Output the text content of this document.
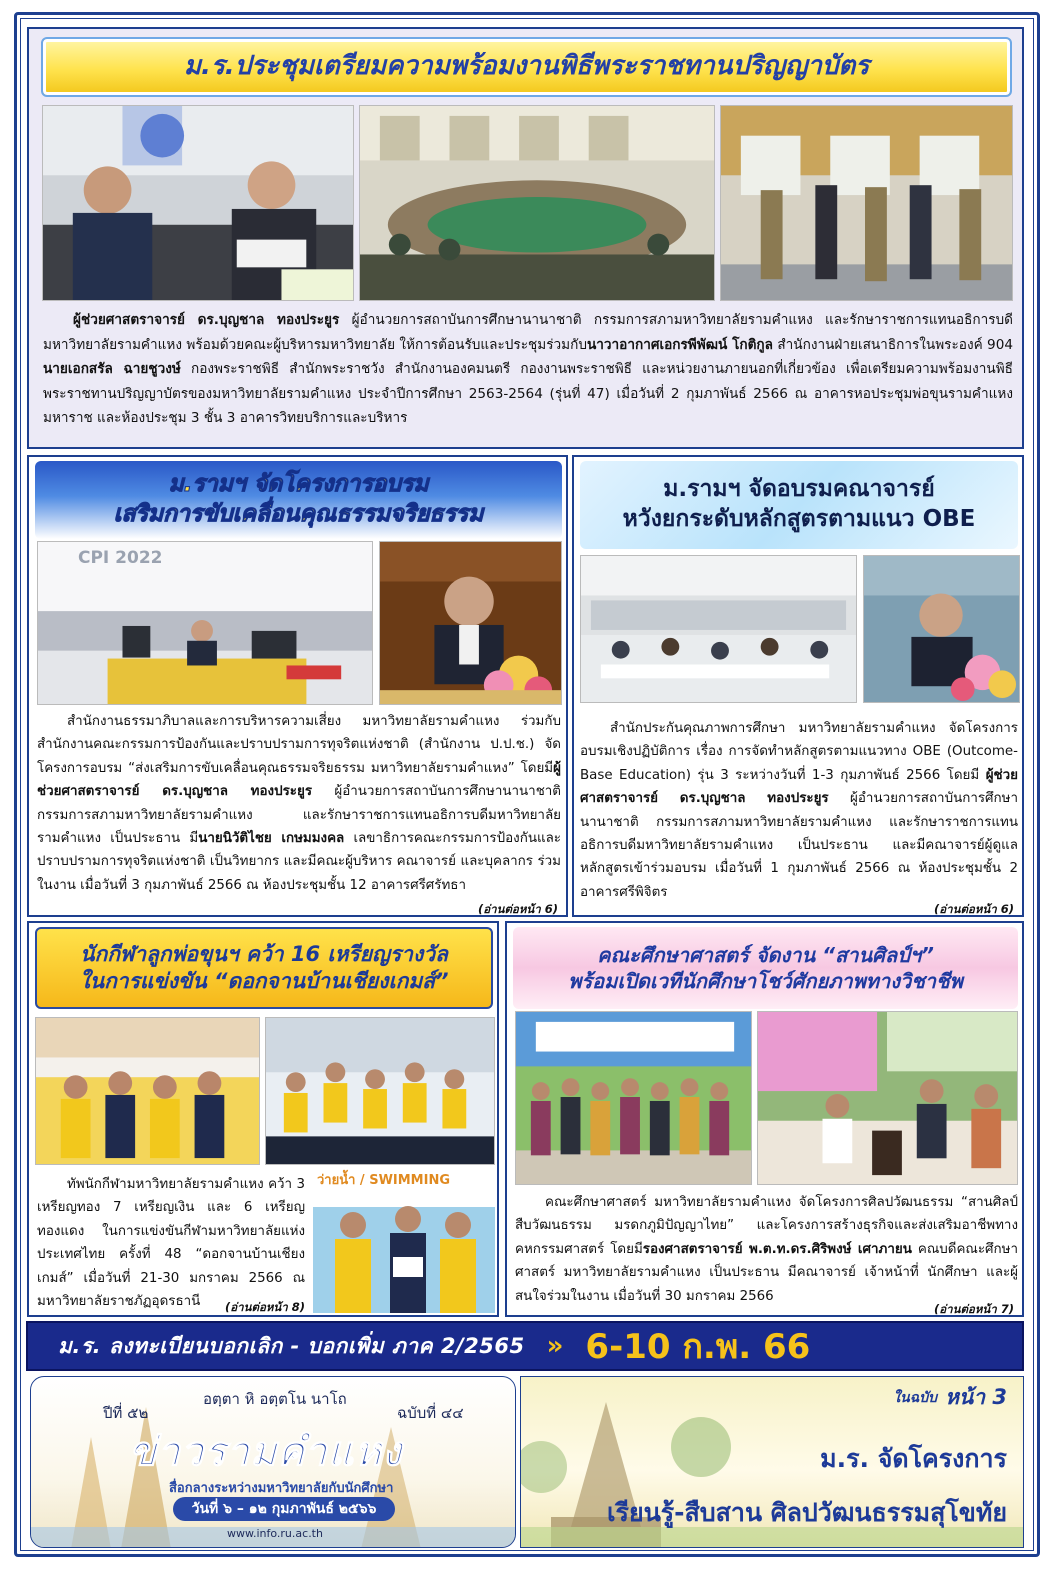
ม.ร.ประชุมเตรียมความพร้อมงานพิธีพระราชทานปริญญาบัตร

ผู้ช่วยศาสตราจารย์ ดร.บุญชาล ทองประยูร ผู้อำนวยการสถาบันการศึกษานานาชาติ กรรมการสภามหาวิทยาลัยรามคำแหง และรักษาราชการแทนอธิการบดีมหาวิทยาลัยรามคำแหง พร้อมด้วยคณะผู้บริหารมหาวิทยาลัย ให้การต้อนรับและประชุมร่วมกับนาวาอากาศเอกรพีพัฒน์ โกติกูล สำนักงานฝ่ายเสนาธิการในพระองค์ 904 นายเอกสรัล ฉายชูวงษ์ กองพระราชพิธี สำนักพระราชวัง สำนักงานองคมนตรี กองงานพระราชพิธี และหน่วยงานภายนอกที่เกี่ยวข้อง เพื่อเตรียมความพร้อมงานพิธีพระราชทานปริญญาบัตรของมหาวิทยาลัยรามคำแหง ประจำปีการศึกษา 2563-2564 (รุ่นที่ 47) เมื่อวันที่ 2 กุมภาพันธ์ 2566 ณ อาคารหอประชุมพ่อขุนรามคำแหงมหาราช และห้องประชุม 3 ชั้น 3 อาคารวิทยบริการและบริหาร

ม.รามฯ จัดโครงการอบรม
เสริมการขับเคลื่อนคุณธรรมจริยธรรม
CPI 2022

สำนักงานธรรมาภิบาลและการบริหารความเสี่ยง มหาวิทยาลัยรามคำแหง ร่วมกับสำนักงานคณะกรรมการป้องกันและปราบปรามการทุจริตแห่งชาติ (สำนักงาน ป.ป.ช.) จัดโครงการอบรม “ส่งเสริมการขับเคลื่อนคุณธรรมจริยธรรม มหาวิทยาลัยรามคำแหง” โดยมีผู้ช่วยศาสตราจารย์ ดร.บุญชาล ทองประยูร ผู้อำนวยการสถาบันการศึกษานานาชาติ กรรมการสภามหาวิทยาลัยรามคำแหง และรักษาราชการแทนอธิการบดีมหาวิทยาลัยรามคำแหง เป็นประธาน มีนายนิวัติไชย เกษมมงคล เลขาธิการคณะกรรมการป้องกันและปราบปรามการทุจริตแห่งชาติ เป็นวิทยากร และมีคณะผู้บริหาร คณาจารย์ และบุคลากร ร่วมในงาน เมื่อวันที่ 3 กุมภาพันธ์ 2566 ณ ห้องประชุมชั้น 12 อาคารศรีศรัทธา

(อ่านต่อหน้า 6)
ม.รามฯ จัดอบรมคณาจารย์
หวังยกระดับหลักสูตรตามแนว OBE

สำนักประกันคุณภาพการศึกษา มหาวิทยาลัยรามคำแหง จัดโครงการอบรมเชิงปฏิบัติการ เรื่อง การจัดทำหลักสูตรตามแนวทาง OBE (Outcome-Base Education) รุ่น 3 ระหว่างวันที่ 1-3 กุมภาพันธ์ 2566 โดยมี ผู้ช่วยศาสตราจารย์ ดร.บุญชาล ทองประยูร ผู้อำนวยการสถาบันการศึกษานานาชาติ กรรมการสภามหาวิทยาลัยรามคำแหง และรักษาราชการแทนอธิการบดีมหาวิทยาลัยรามคำแหง เป็นประธาน และมีคณาจารย์ผู้ดูแลหลักสูตรเข้าร่วมอบรม เมื่อวันที่ 1 กุมภาพันธ์ 2566 ณ ห้องประชุมชั้น 2 อาคารศรีพิจิตร

(อ่านต่อหน้า 6)
นักกีฬาลูกพ่อขุนฯ คว้า 16 เหรียญรางวัล
ในการแข่งขัน “ดอกจานบ้านเชียงเกมส์”

ทัพนักกีฬามหาวิทยาลัยรามคำแหง คว้า 3 เหรียญทอง 7 เหรียญเงิน และ 6 เหรียญทองแดง ในการแข่งขันกีฬามหาวิทยาลัยแห่งประเทศไทย ครั้งที่ 48 “ดอกจานบ้านเชียงเกมส์” เมื่อวันที่ 21-30 มกราคม 2566 ณ มหาวิทยาลัยราชภัฏอุดรธานี

ว่ายน้ำ / SWIMMING
(อ่านต่อหน้า 8)
คณะศึกษาศาสตร์ จัดงาน “สานศิลป์ฯ”
พร้อมเปิดเวทีนักศึกษาโชว์ศักยภาพทางวิชาชีพ

คณะศึกษาศาสตร์ มหาวิทยาลัยรามคำแหง จัดโครงการศิลปวัฒนธรรม “สานศิลป์ สืบวัฒนธรรม มรดกภูมิปัญญาไทย” และโครงการสร้างธุรกิจและส่งเสริมอาชีพทางคหกรรมศาสตร์ โดยมีรองศาสตราจารย์ พ.ต.ท.ดร.ศิริพงษ์ เศาภายน คณบดีคณะศึกษาศาสตร์ มหาวิทยาลัยรามคำแหง เป็นประธาน มีคณาจารย์ เจ้าหน้าที่ นักศึกษา และผู้สนใจร่วมในงาน เมื่อวันที่ 30 มกราคม 2566

(อ่านต่อหน้า 7)
ม.ร. ลงทะเบียนบอกเลิก - บอกเพิ่ม ภาค 2/2565 » 6-10 ก.พ. 66
ปีที่ ๕๒
อตฺตา หิ อตฺตโน นาโถ
ฉบับที่ ๔๔
ข่าวรามคำแหง
สื่อกลางระหว่างมหาวิทยาลัยกับนักศึกษา
วันที่ ๖ – ๑๒ กุมภาพันธ์ ๒๕๖๖
www.info.ru.ac.th
ในฉบับ หน้า 3
ม.ร. จัดโครงการ
เรียนรู้-สืบสาน ศิลปวัฒนธรรมสุโขทัย
